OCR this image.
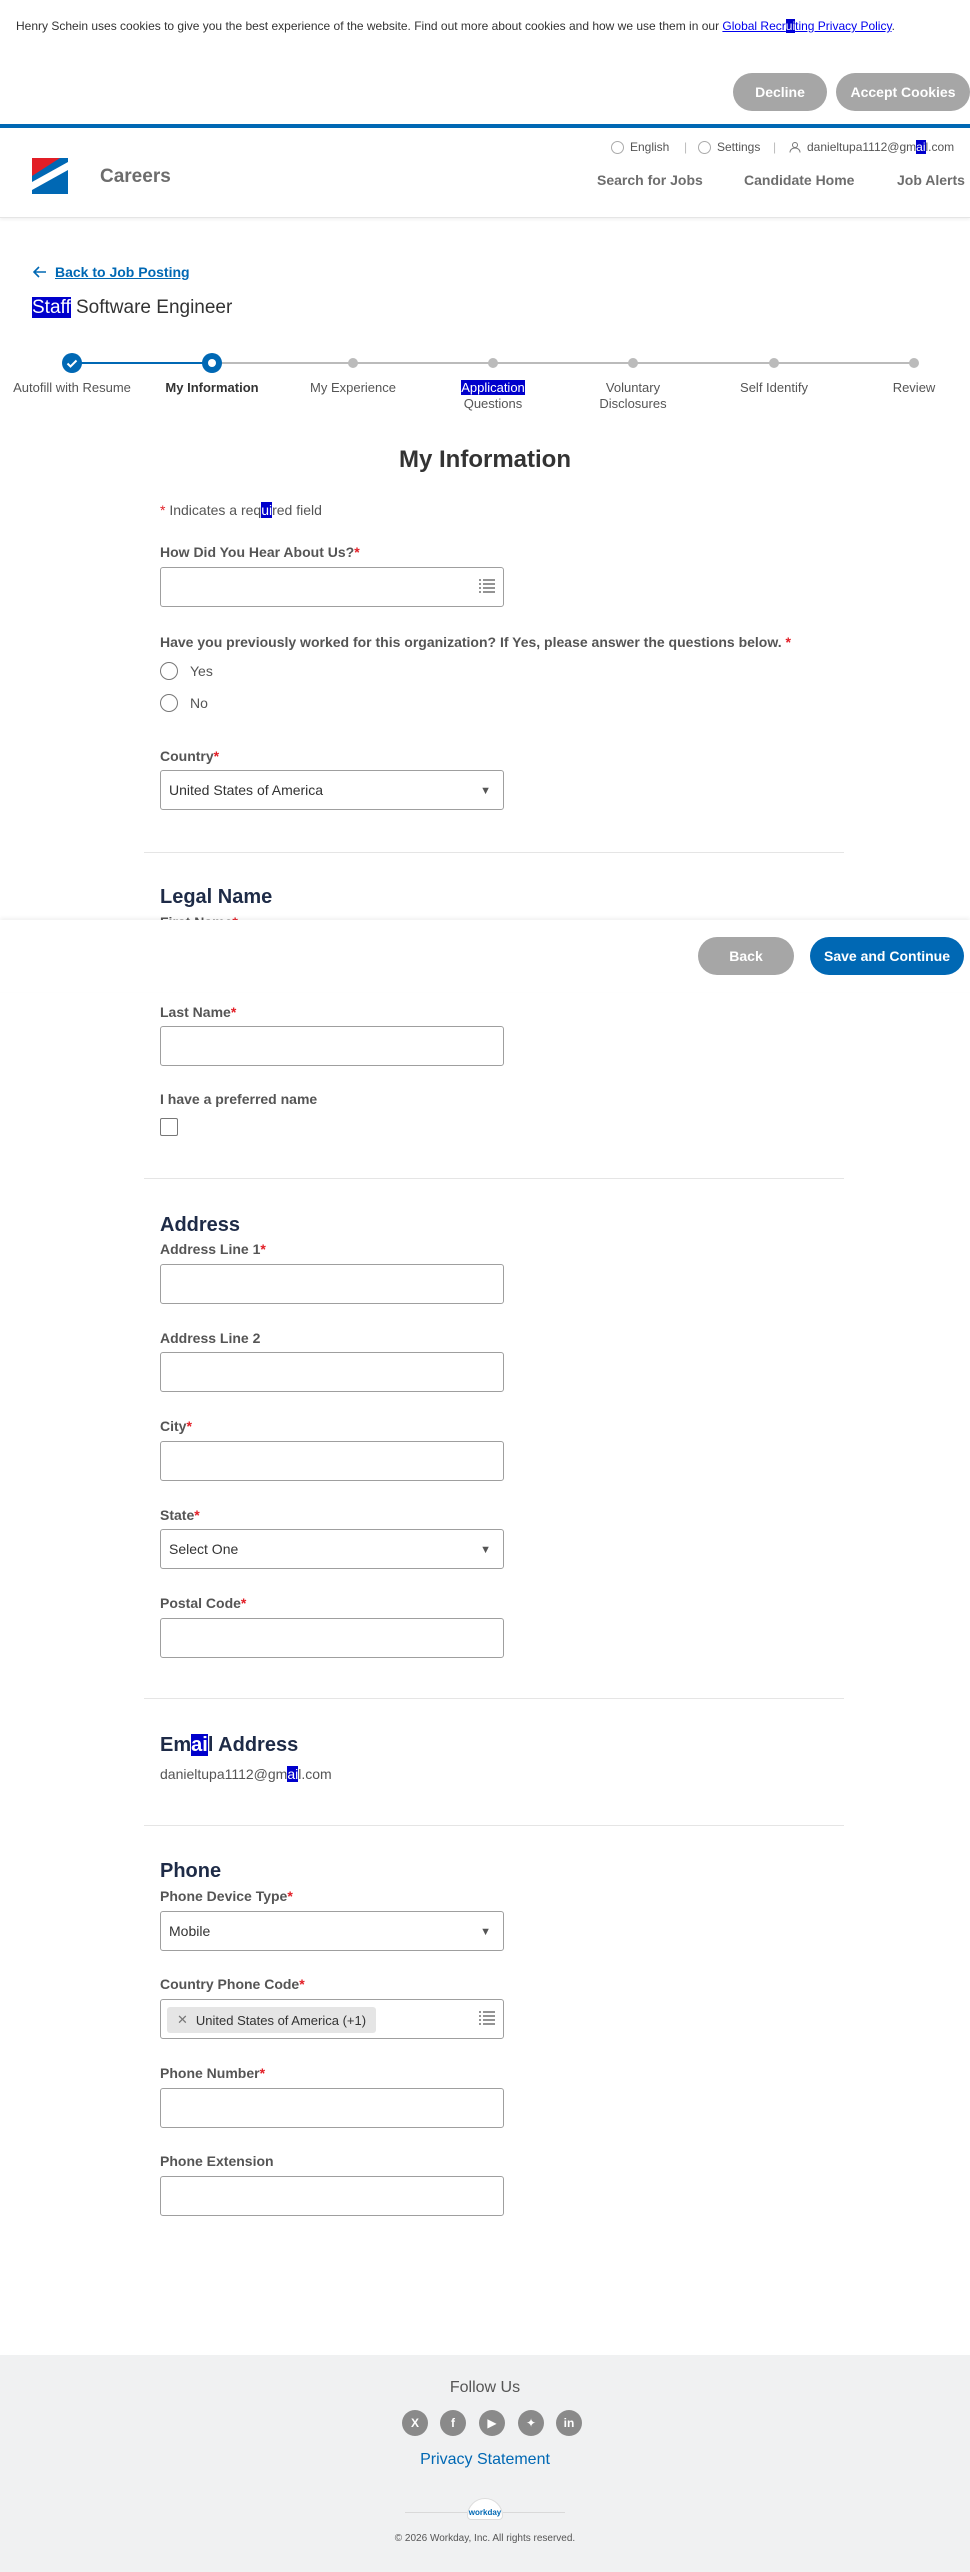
Henry Schein uses cookies to give you the best experience of the website. Find out more about cookies and how we use them in our Global Recruiting Privacy Policy.
Decline	Accept Cookies
English | Settings |	danieltupa1112@gmail.com
Careers	Search for Jobs	Candidate Home	Job Alerts
Back to Job Posting
Staff Software Engineer
Autofill with Resume	My Information	My Experience	Application
Questions
Voluntary
Disclosures
Self Identify	Review
My Information
* Indicates a required field
How Did You Hear About Us?*
Have you previously worked for this organization? If Yes, please answer the questions below. *
Yes
No
Country*
United States of America	▼
Legal Name
Back	Save and Continue
Last Name*
I have a preferred name
Address
Address Line 1*
Address Line 2
City*
State*
Select One	▼
Postal Code*
Email Address
danieltupa1112@gmail.com
Phone
Phone Device Type*
Mobile	▼
Country Phone Code*
✕ United States of America (+1)
Phone Number*
Phone Extension
Follow Us
X	f	▶	✦	in
Privacy Statement
workday
© 2026 Workday, Inc. All rights reserved.
